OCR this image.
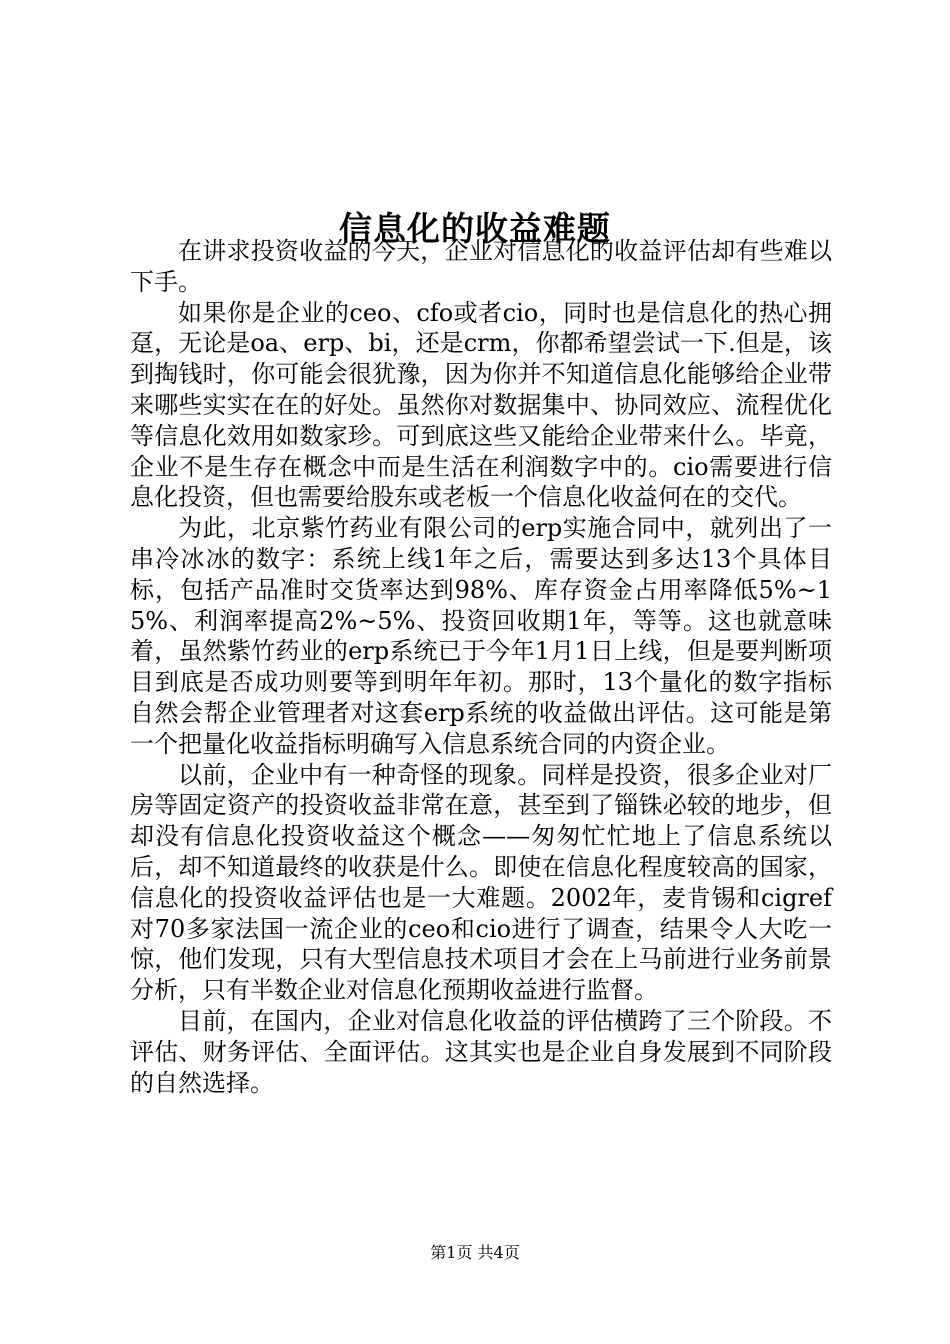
信息化的收益难题

在讲求投资收益的今天，企业对信息化的收益评估却有些难以下手。

如果你是企业的ceo、cfo或者cio，同时也是信息化的热心拥趸，无论是oa、erp、bi，还是crm，你都希望尝试一下.但是，该到掏钱时，你可能会很犹豫，因为你并不知道信息化能够给企业带来哪些实实在在的好处。虽然你对数据集中、协同效应、流程优化等信息化效用如数家珍。可到底这些又能给企业带来什么。毕竟，企业不是生存在概念中而是生活在利润数字中的。cio需要进行信息化投资，但也需要给股东或老板一个信息化收益何在的交代。

为此，北京紫竹药业有限公司的erp实施合同中，就列出了一串冷冰冰的数字：系统上线1年之后，需要达到多达13个具体目标，包括产品准时交货率达到98%、库存资金占用率降低5%~15%、利润率提高2%~5%、投资回收期1年，等等。这也就意味着，虽然紫竹药业的erp系统已于今年1月1日上线，但是要判断项目到底是否成功则要等到明年年初。那时，13个量化的数字指标自然会帮企业管理者对这套erp系统的收益做出评估。这可能是第一个把量化收益指标明确写入信息系统合同的内资企业。

以前，企业中有一种奇怪的现象。同样是投资，很多企业对厂房等固定资产的投资收益非常在意，甚至到了锱铢必较的地步，但却没有信息化投资收益这个概念——匆匆忙忙地上了信息系统以后，却不知道最终的收获是什么。即使在信息化程度较高的国家，信息化的投资收益评估也是一大难题。2002年，麦肯锡和cigref对70多家法国一流企业的ceo和cio进行了调查，结果令人大吃一惊，他们发现，只有大型信息技术项目才会在上马前进行业务前景分析，只有半数企业对信息化预期收益进行监督。

目前，在国内，企业对信息化收益的评估横跨了三个阶段。不评估、财务评估、全面评估。这其实也是企业自身发展到不同阶段的自然选择。

第1页 共4页
